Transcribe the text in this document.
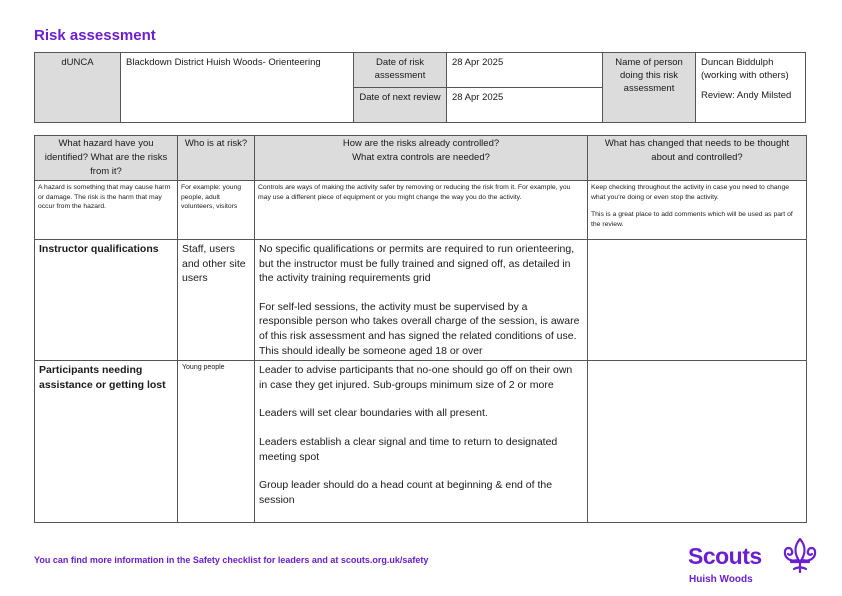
Risk assessment
dUNCA	Blackdown District Huish Woods- Orienteering	Date of risk assessment	28 Apr 2025	Name of person doing this risk assessment	Duncan Biddulph
(working with others)
Review: Andy Milsted

		Date of next review	28 Apr 2025		
What hazard have you identified? What are the risks from it?	Who is at risk?	How are the risks already controlled?
What extra controls are needed?	What has changed that needs to be thought about and controlled?
A hazard is something that may cause harm or damage. The risk is the harm that may occur from the hazard.	For example: young people, adult volunteers, visitors	Controls are ways of making the activity safer by removing or reducing the risk from it. For example, you may use a different piece of equipment or you might change the way you do the activity.	Keep checking throughout the activity in case you need to change what you're doing or even stop the activity.
This is a great place to add comments which will be used as part of the review.

Instructor qualifications	Staff, users and other site users	No specific qualifications or permits are required to run orienteering, but the instructor must be fully trained and signed off, as detailed in the activity training requirements grid
For self-led sessions, the activity must be supervised by a responsible person who takes overall charge of the session, is aware of this risk assessment and has signed the related conditions of use. This should ideally be someone aged 18 or over	

Participants needing assistance or getting lost	Young people	Leader to advise participants that no-one should go off on their own in case they get injured. Sub-groups minimum size of 2 or more
Leaders will set clear boundaries with all present.
Leaders establish a clear signal and time to return to designated meeting spot
Group leader should do a head count at beginning & end of the session	

You can find more information in the Safety checklist for leaders and at scouts.org.uk/safety	Scouts
Huish Woods
